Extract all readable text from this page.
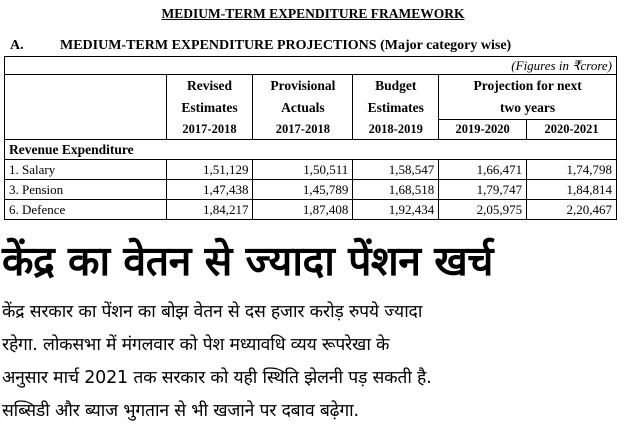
MEDIUM-TERM EXPENDITURE FRAMEWORK
A.	MEDIUM-TERM EXPENDITURE PROJECTIONS (Major category wise)
(Figures in ₹crore)					
	Revised	Provisional	Budget	Projection for next	
	Estimates	Actuals	Estimates	two years	
	2017-2018	2017-2018	2018-2019	2019-2020	2020-2021
Revenue Expenditure					
1. Salary	1,51,129	1,50,511	1,58,547	1,66,471	1,74,798
3. Pension	1,47,438	1,45,789	1,68,518	1,79,747	1,84,814
6. Defence	1,84,217	1,87,408	1,92,434	2,05,975	2,20,467
केंद्र का वेतन से ज्यादा पेंशन खर्च
केंद्र सरकार का पेंशन का बोझ वेतन से दस हजार करोड़ रुपये ज्यादा
रहेगा. लोकसभा में मंगलवार को पेश मध्यावधि व्यय रूपरेखा के
अनुसार मार्च 2021 तक सरकार को यही स्थिति झेलनी पड़ सकती है.
सब्सिडी और ब्याज भुगतान से भी खजाने पर दबाव बढ़ेगा.
